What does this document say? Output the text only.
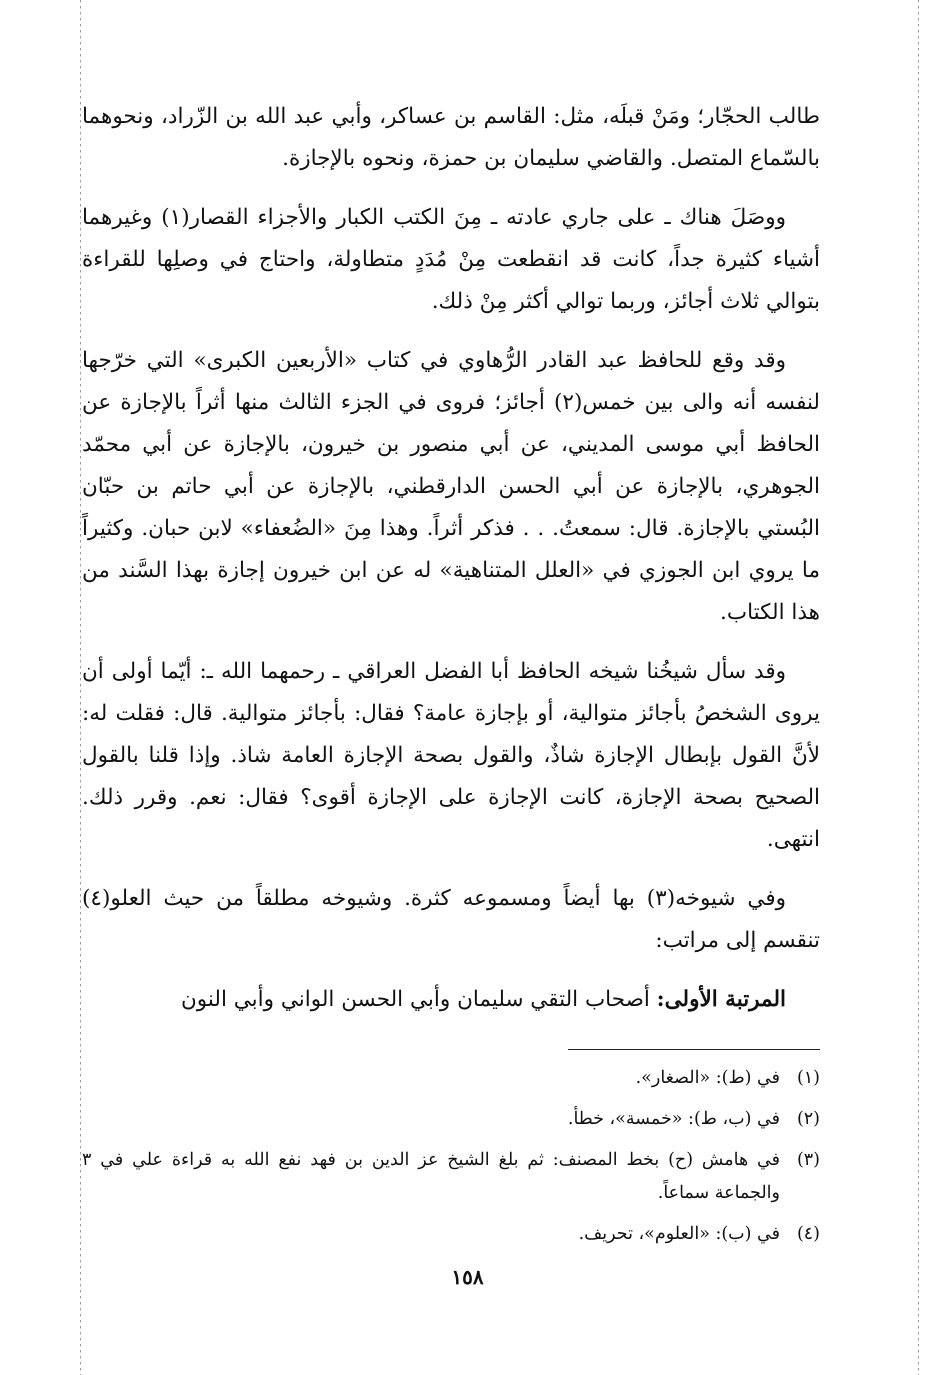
طالب الحجّار؛ ومَنْ قبلَه، مثل: القاسم بن عساكر، وأبي عبد الله بن الزّراد، ونحوهما بالسّماع المتصل. والقاضي سليمان بن حمزة، ونحوه بالإجازة.

ووصَلَ هناك ـ على جاري عادته ـ مِنَ الكتب الكبار والأجزاء القصار(١) وغيرهما أشياء كثيرة جداً، كانت قد انقطعت مِنْ مُدَدٍ متطاولة، واحتاج في وصلِها للقراءة بتوالي ثلاث أجائز، وربما توالي أكثر مِنْ ذلك.

وقد وقع للحافظ عبد القادر الرُّهاوي في كتاب «الأربعين الكبرى» التي خرّجها لنفسه أنه والى بين خمس(٢) أجائز؛ فروى في الجزء الثالث منها أثراً بالإجازة عن الحافظ أبي موسى المديني، عن أبي منصور بن خيرون، بالإجازة عن أبي محمّد الجوهري، بالإجازة عن أبي الحسن الدارقطني، بالإجازة عن أبي حاتم بن حبّان البُستي بالإجازة. قال: سمعتُ. . . فذكر أثراً. وهذا مِنَ «الضُعفاء» لابن حبان. وكثيراً ما يروي ابن الجوزي في «العلل المتناهية» له عن ابن خيرون إجازة بهذا السَّند من هذا الكتاب.

وقد سأل شيخُنا شيخه الحافظ أبا الفضل العراقي ـ رحمهما الله ـ: أيّما أولى أن يروى الشخصُ بأجائز متوالية، أو بإجازة عامة؟ فقال: بأجائز متوالية. قال: فقلت له: لأنَّ القول بإبطال الإجازة شاذٌ، والقول بصحة الإجازة العامة شاذ. وإذا قلنا بالقول الصحيح بصحة الإجازة، كانت الإجازة على الإجازة أقوى؟ فقال: نعم. وقرر ذلك. انتهى.

وفي شيوخه(٣) بها أيضاً ومسموعه كثرة. وشيوخه مطلقاً من حيث العلو(٤) تنقسم إلى مراتب:

المرتبة الأولى: أصحاب التقي سليمان وأبي الحسن الواني وأبي النون

(١)
في (ط): «الصغار».
(٢)
في (ب، ط): «خمسة»، خطأ.
(٣)
في هامش (ح) بخط المصنف: ثم بلغ الشيخ عز الدين بن فهد نفع الله به قراءة علي في ٣ والجماعة سماعاً.
(٤)
في (ب): «العلوم»، تحريف.
١٥٨
